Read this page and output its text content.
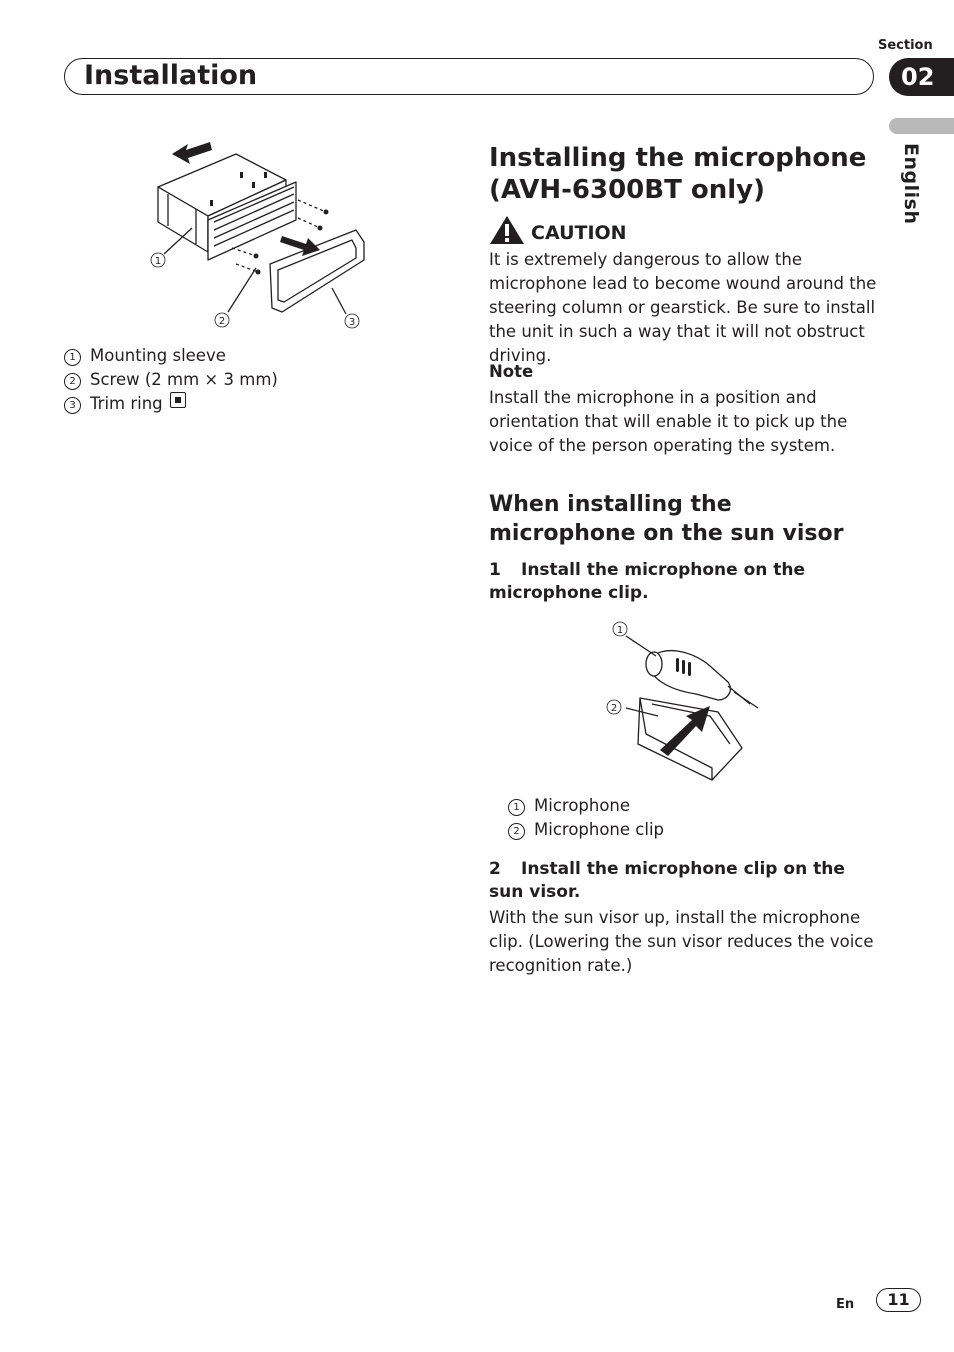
Section
Installation	02
English
1
2	3
1 Mounting sleeve
2 Screw (2 mm × 3 mm)
3 Trim ring
Installing the microphone (AVH-6300BT only)
CAUTION
It is extremely dangerous to allow the microphone lead to become wound around the steering column or gearstick. Be sure to install the unit in such a way that it will not obstruct driving.
Note
Install the microphone in a position and orientation that will enable it to pick up the voice of the person operating the system.
When installing the microphone on the sun visor
1 Install the microphone on the microphone clip.
1
2
1 Microphone
2 Microphone clip
2 Install the microphone clip on the sun visor.
With the sun visor up, install the microphone clip. (Lowering the sun visor reduces the voice recognition rate.)
En	11
